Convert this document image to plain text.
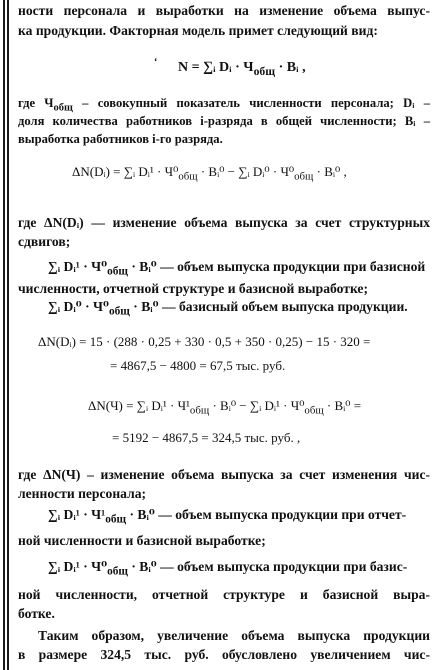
ности персонала и выработки на изменение объема выпус-
ка продукции. Факторная модель примет следующий вид:
‘ N = ∑ᵢ Dᵢ · $Ч_{общ}$ · Bᵢ ,
где $Ч_{общ}$ – совокупный показатель численности персонала; Dᵢ –
доля количества работников i-разряда в общей численности; Bᵢ –
выработка работников i-го разряда.
ΔN(Dᵢ) = ∑ᵢ Dᵢ¹ · $Ч^0_{общ}$ · Bᵢ⁰ − ∑ᵢ Dᵢ⁰ · $Ч^0_{общ}$ · Bᵢ⁰ ,
где ΔN(Dᵢ) — изменение объема выпуска за счет структурных
сдвигов;
∑ᵢ Dᵢ¹ · $Ч^0_{общ}$ · Bᵢ⁰ — объем выпуска продукции при базисной
численности, отчетной структуре и базисной выработке;
∑ᵢ Dᵢ⁰ · $Ч^0_{общ}$ · Bᵢ⁰ — базисный объем выпуска продукции.
ΔN(Dᵢ) = 15 · (288 · 0,25 + 330 · 0,5 + 350 · 0,25) − 15 · 320 =
= 4867,5 − 4800 = 67,5 тыс. руб.
ΔN(Ч) = ∑ᵢ Dᵢ¹ · $Ч^1_{общ}$ · Bᵢ⁰ − ∑ᵢ Dᵢ¹ · $Ч^0_{общ}$ · Bᵢ⁰ =
= 5192 − 4867,5 = 324,5 тыс. руб. ,
где ΔN(Ч) – изменение объема выпуска за счет изменения чис-
ленности персонала;
∑ᵢ Dᵢ¹ · $Ч^1_{общ}$ · Bᵢ⁰ — объем выпуска продукции при отчет-
ной численности и базисной выработке;
∑ᵢ Dᵢ¹ · $Ч^0_{общ}$ · Bᵢ⁰ — объем выпуска продукции при базис-
ной численности, отчетной структуре и базисной выра-
ботке.
Таким образом, увеличение объема выпуска продукции
в размере 324,5 тыс. руб. обусловлено увеличением чис-
